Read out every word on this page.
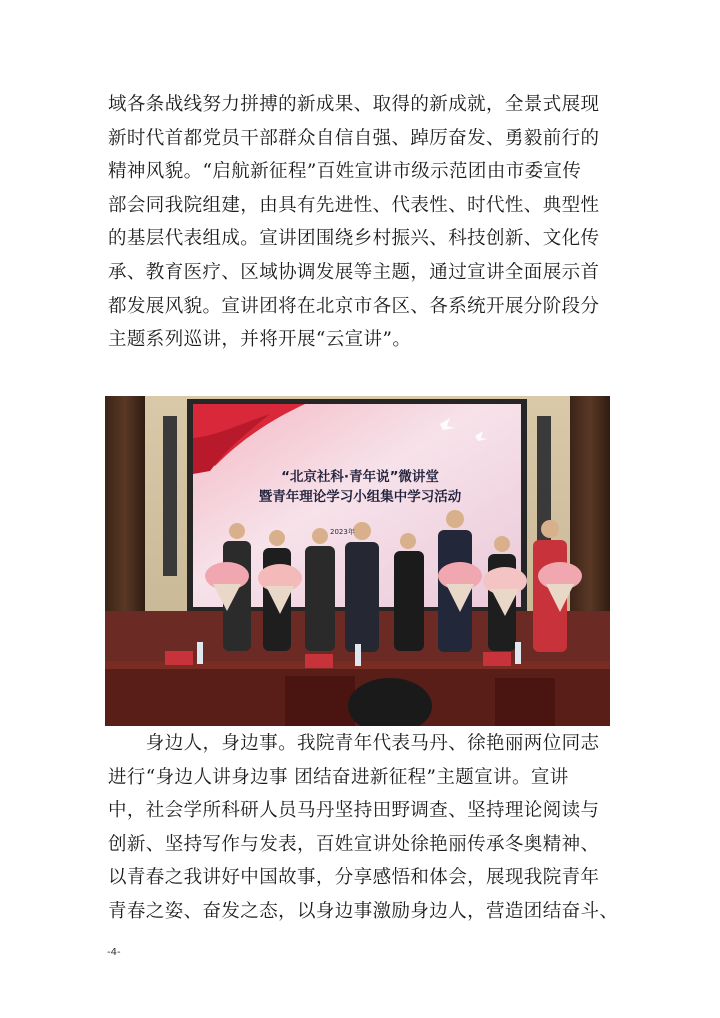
域各条战线努力拼搏的新成果、取得的新成就，全景式展现
新时代首都党员干部群众自信自强、踔厉奋发、勇毅前行的
精神风貌。“启航新征程”百姓宣讲市级示范团由市委宣传
部会同我院组建，由具有先进性、代表性、时代性、典型性
的基层代表组成。宣讲团围绕乡村振兴、科技创新、文化传
承、教育医疗、区域协调发展等主题，通过宣讲全面展示首
都发展风貌。宣讲团将在北京市各区、各系统开展分阶段分
主题系列巡讲，并将开展“云宣讲”。
“北京社科·青年说”微讲堂
暨青年理论学习小组集中学习活动
2023年
　　身边人，身边事。我院青年代表马丹、徐艳丽两位同志
进行“身边人讲身边事 团结奋进新征程”主题宣讲。宣讲
中，社会学所科研人员马丹坚持田野调查、坚持理论阅读与
创新、坚持写作与发表，百姓宣讲处徐艳丽传承冬奥精神、
以青春之我讲好中国故事，分享感悟和体会，展现我院青年
青春之姿、奋发之态，以身边事激励身边人，营造团结奋斗、
-4-
